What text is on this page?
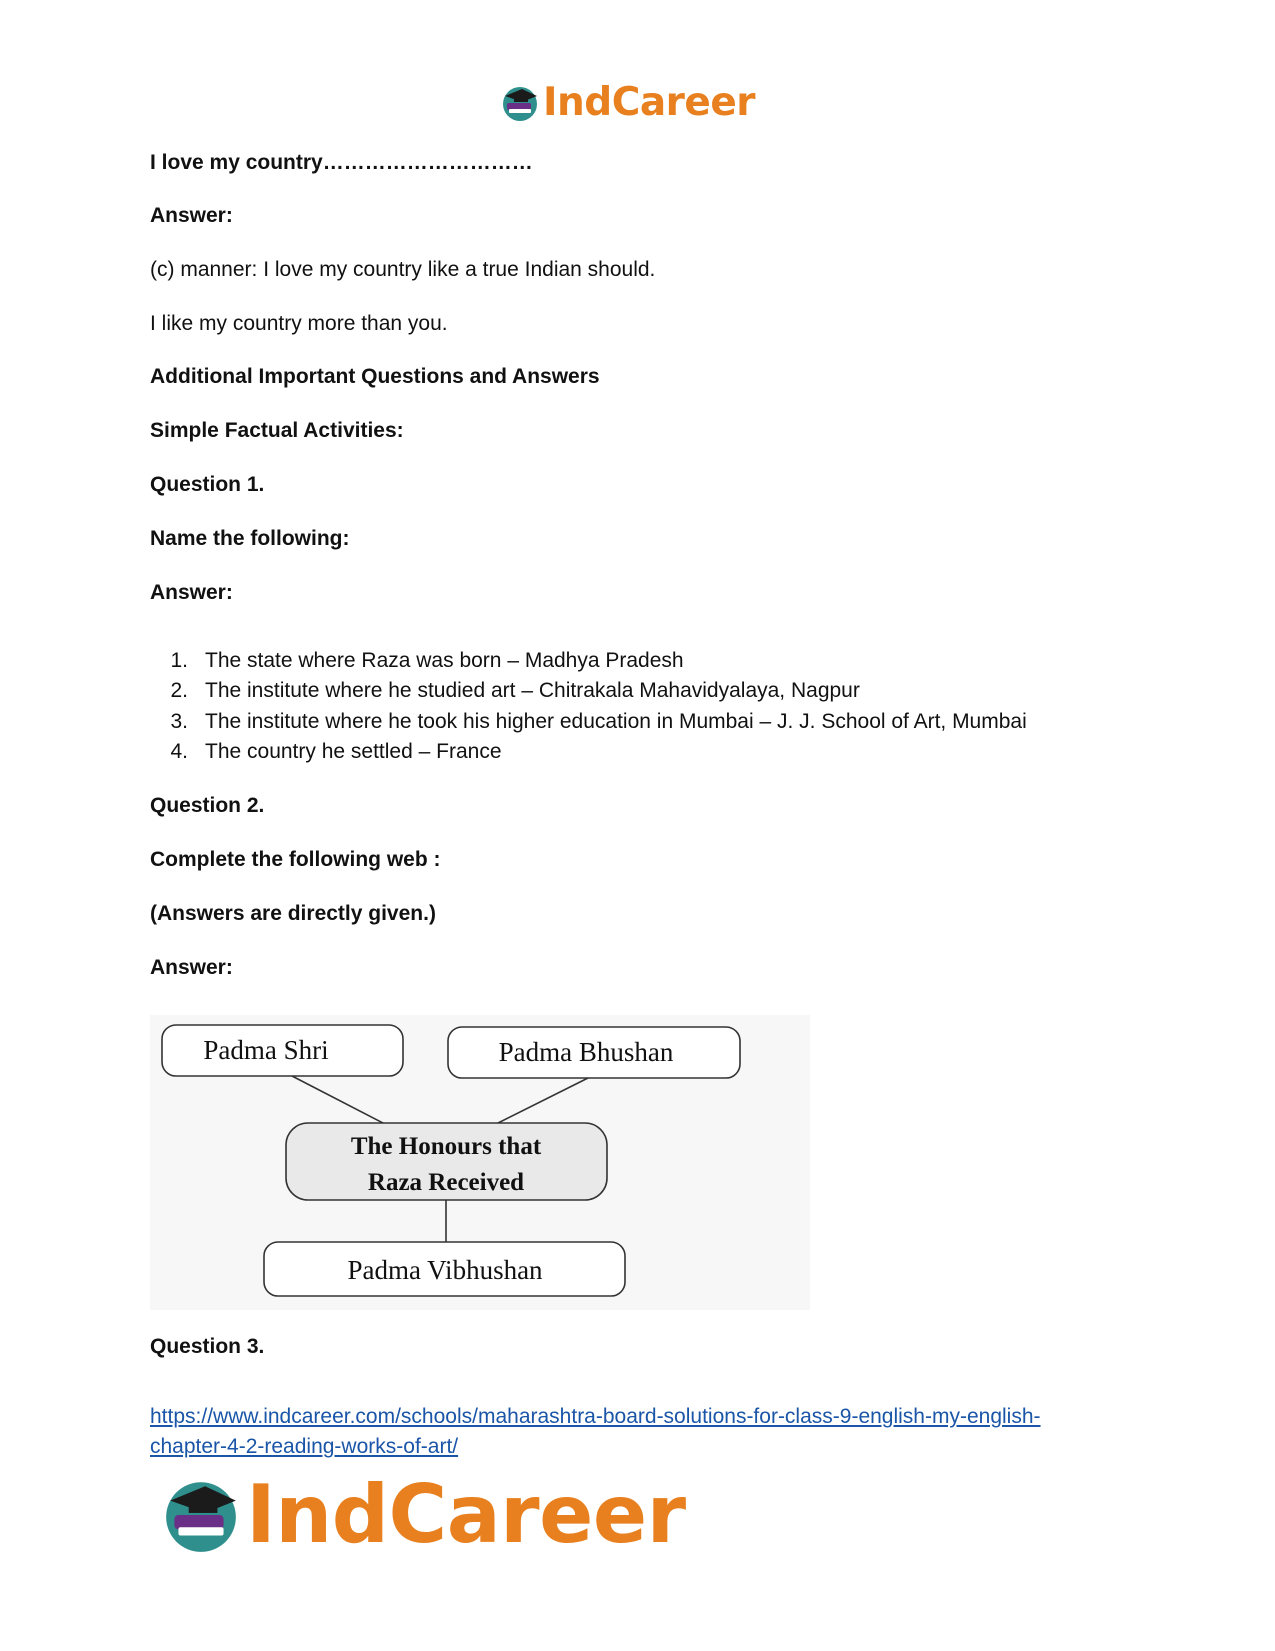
IndCareer
I love my country…………………………
Answer:
(c) manner: I love my country like a true Indian should.
I like my country more than you.
Additional Important Questions and Answers
Simple Factual Activities:
Question 1.
Name the following:
Answer:
1. The state where Raza was born – Madhya Pradesh
2. The institute where he studied art – Chitrakala Mahavidyalaya, Nagpur
3. The institute where he took his higher education in Mumbai – J. J. School of Art, Mumbai
4. The country he settled – France
Question 2.
Complete the following web :
(Answers are directly given.)
Answer:
Padma Shri	Padma Bhushan
The Honours that
Raza Received
Padma Vibhushan
Question 3.
https://www.indcareer.com/schools/maharashtra-board-solutions-for-class-9-english-my-english-
chapter-4-2-reading-works-of-art/
IndCareer
